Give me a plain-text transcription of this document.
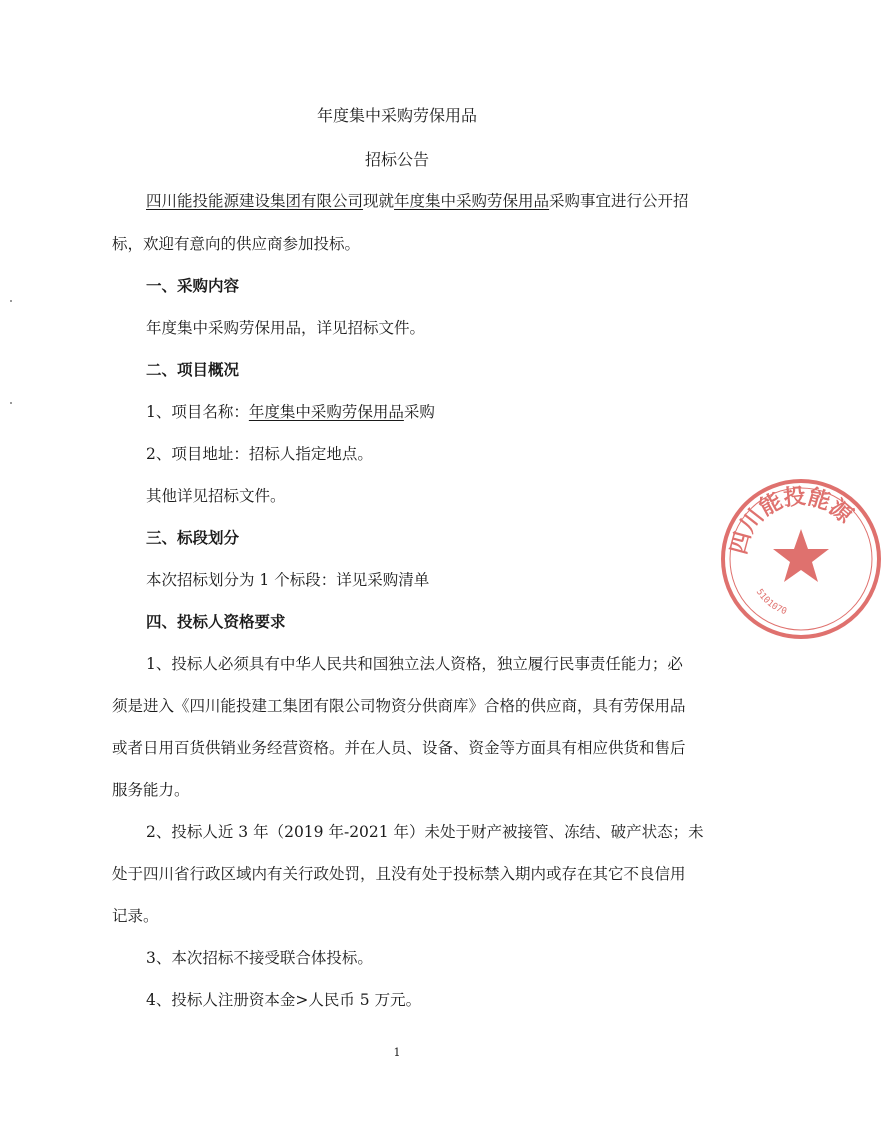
年度集中采购劳保用品
招标公告
四川能投能源建设集团有限公司现就年度集中采购劳保用品采购事宜进行公开招
标，欢迎有意向的供应商参加投标。
一、采购内容
年度集中采购劳保用品，详见招标文件。
二、项目概况
1、项目名称：年度集中采购劳保用品采购
2、项目地址：招标人指定地点。
其他详见招标文件。
三、标段划分
本次招标划分为 1 个标段：详见采购清单
四、投标人资格要求
1、投标人必须具有中华人民共和国独立法人资格，独立履行民事责任能力；必
须是进入《四川能投建工集团有限公司物资分供商库》合格的供应商，具有劳保用品
或者日用百货供销业务经营资格。并在人员、设备、资金等方面具有相应供货和售后
服务能力。
2、投标人近 3 年（2019 年-2021 年）未处于财产被接管、冻结、破产状态；未
处于四川省行政区域内有关行政处罚，且没有处于投标禁入期内或存在其它不良信用
记录。
3、本次招标不接受联合体投标。
4、投标人注册资本金>人民币 5 万元。
1
四川能投能源
5101070
